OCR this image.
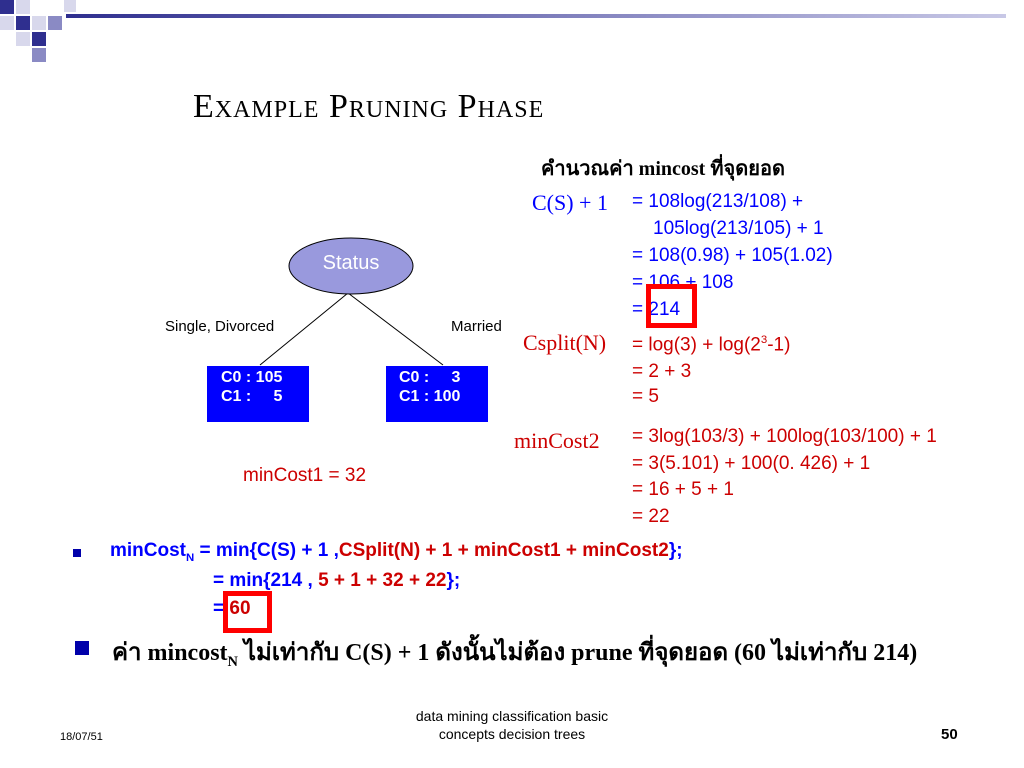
Example Pruning Phase
คำนวณค่า mincost ที่จุดยอด
Status
Single, Divorced	Married
C0 : 105
C1 :     5
C0 :     3
C1 : 100
minCost1 = 32
C(S) + 1 = 108log(213/108) +
105log(213/105) + 1
= 108(0.98) + 105(1.02)
= 106 + 108
= 214
Csplit(N) = $\log(3) + \log(2^3-1)$
= 2 + 3
= 5
minCost2 = 3log(103/3) + 100log(103/100) + 1
= 3(5.101) + 100(0. 426) + 1
= 16 + 5 + 1
= 22
minCost$_N$ = min{C(S) + 1 ,CSplit(N) + 1 + minCost1 + minCost2};
= min{214 , 5 + 1 + 32 + 22};
= 60
ค่า mincost$_N$ ไม่เท่ากับ C(S) + 1 ดังนั้นไม่ต้อง prune ที่จุดยอด (60 ไม่เท่ากับ 214)
18/07/51
data mining classification basic
concepts decision trees	50
